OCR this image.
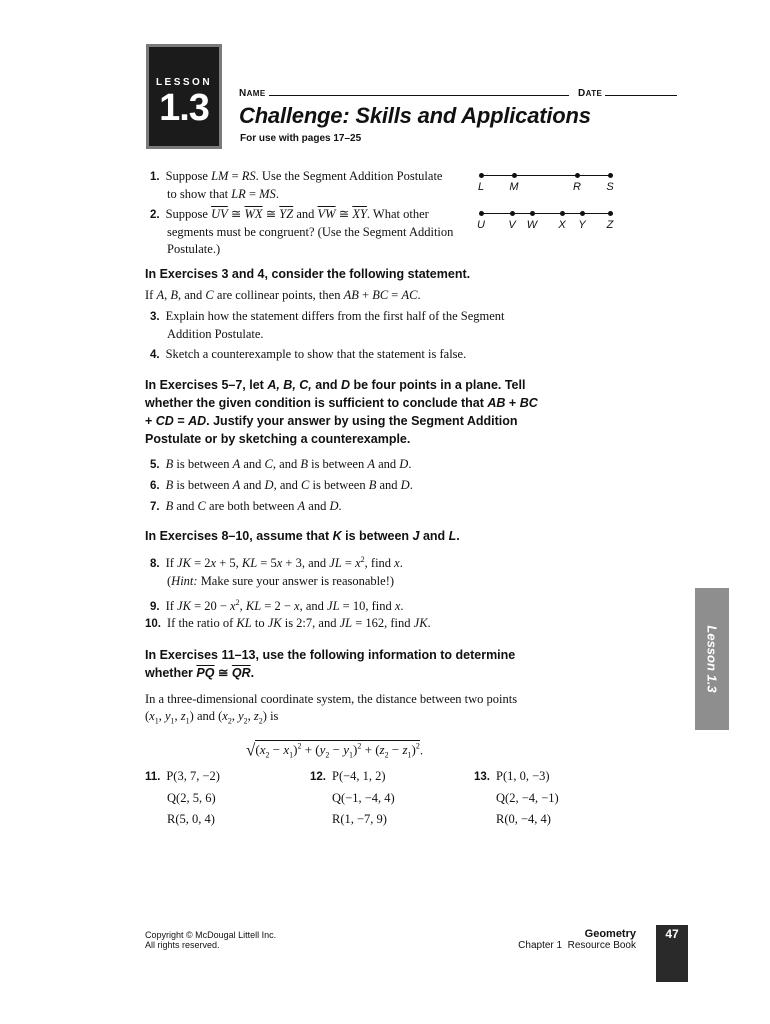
LESSON
1.3	NAME	DATE
Challenge: Skills and Applications
For use with pages 17–25
1. Suppose LM = RS. Use the Segment Addition Postulate
to show that LR = MS.	L M	R S
2. Suppose $\overline{UV}$ ≅ $\overline{WX}$ ≅ $\overline{YZ}$ and $\overline{VW}$ ≅ $\overline{XY}$. What other
segments must be congruent? (Use the Segment Addition
Postulate.)
U V W X Y Z
In Exercises 3 and 4, consider the following statement.
If A, B, and C are collinear points, then AB + BC = AC.
3. Explain how the statement differs from the first half of the Segment
Addition Postulate.
4. Sketch a counterexample to show that the statement is false.
In Exercises 5–7, let A, B, C, and D be four points in a plane. Tell whether the given condition is sufficient to conclude that AB + BC + CD = AD. Justify your answer by using the Segment Addition Postulate or by sketching a counterexample.
5. B is between A and C, and B is between A and D.
6. B is between A and D, and C is between B and D.
7. B and C are both between A and D.
In Exercises 8–10, assume that K is between J and L.
8. If JK = 2x + 5, KL = 5x + 3, and JL = $x^2$, find x.
(Hint: Make sure your answer is reasonable!)
9. If JK = $20 - x^2$, KL = 2 − x, and JL = 10, find x.
10. If the ratio of KL to JK is 2:7, and JL = 162, find JK.
In Exercises 11–13, use the following information to determine whether $\overline{PQ}$ ≅ $\overline{QR}$.
In a three-dimensional coordinate system, the distance between two points
($x_1$, $y_1$, $z_1$) and ($x_2$, $y_2$, $z_2$) is
$√(x_2 - x_1)^2 + (y_2 - y_1)^2 + (z_2 - z_1)^2$.
11. P(3, 7, −2)
Q(2, 5, 6)
R(5, 0, 4)
12. P(−4, 1, 2)
Q(−1, −4, 4)
R(1, −7, 9)
13. P(1, 0, −3)
Q(2, −4, −1)
R(0, −4, 4)
Lesson 1.3
Copyright © McDougal Littell Inc.
All rights reserved.
Geometry
Chapter 1  Resource Book
47
